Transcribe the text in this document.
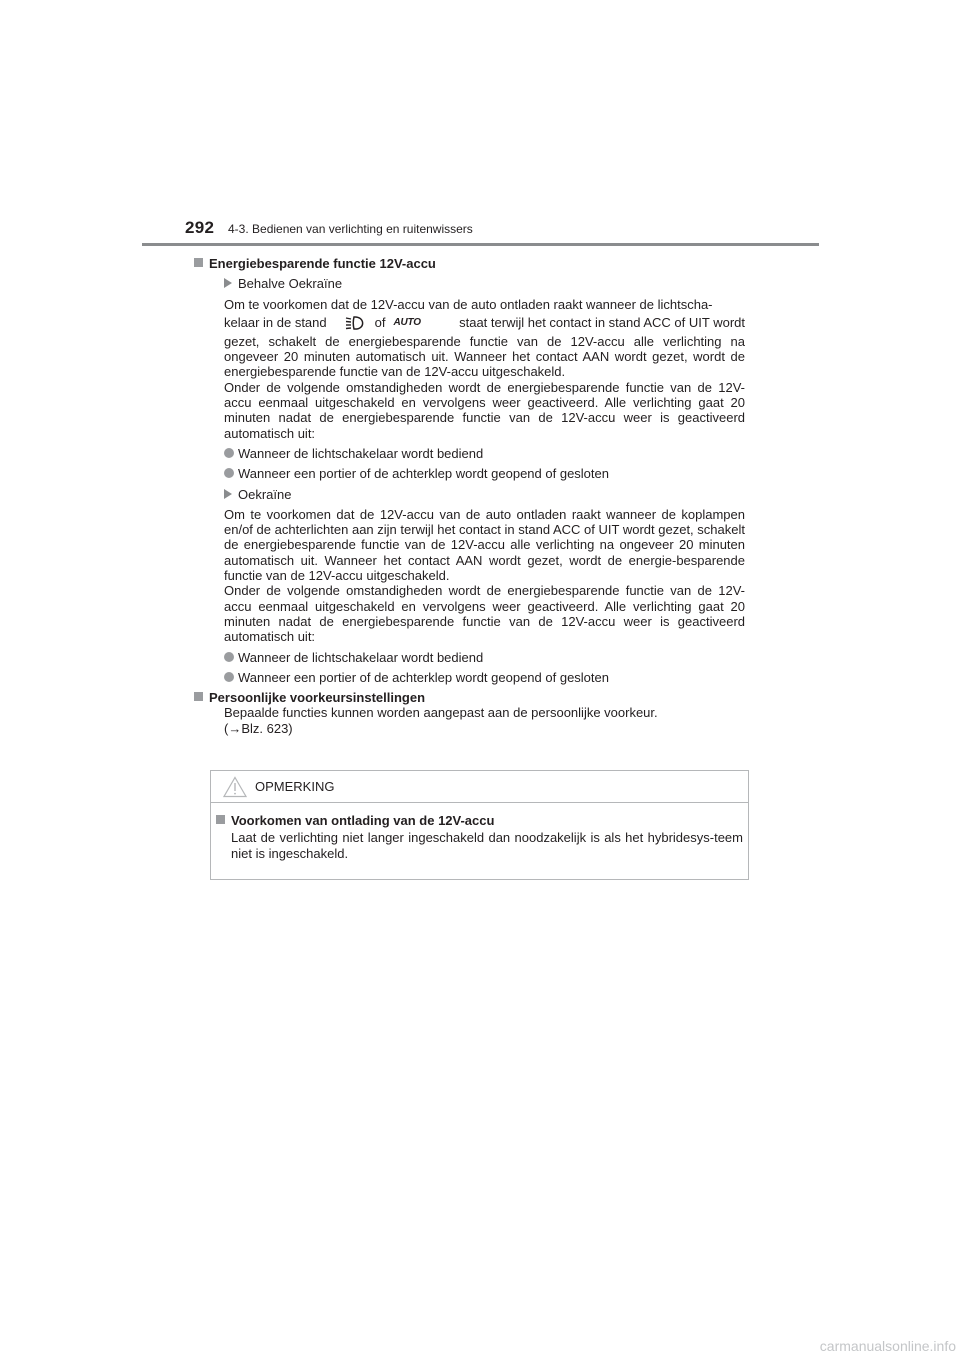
292 4-3. Bedienen van verlichting en ruitenwissers
Energiebesparende functie 12V-accu
Behalve Oekraïne
Om te voorkomen dat de 12V-accu van de auto ontladen raakt wanneer de lichtscha-
kelaar in de stand	of AUTO	staat terwijl het contact in stand ACC of UIT wordt
gezet, schakelt de energiebesparende functie van de 12V-accu alle verlichting na ongeveer 20 minuten automatisch uit. Wanneer het contact AAN wordt gezet, wordt de energiebesparende functie van de 12V-accu uitgeschakeld.
Onder de volgende omstandigheden wordt de energiebesparende functie van de 12V-accu eenmaal uitgeschakeld en vervolgens weer geactiveerd. Alle verlichting gaat 20 minuten nadat de energiebesparende functie van de 12V-accu weer is geactiveerd automatisch uit:
Wanneer de lichtschakelaar wordt bediend
Wanneer een portier of de achterklep wordt geopend of gesloten
Oekraïne
Om te voorkomen dat de 12V-accu van de auto ontladen raakt wanneer de koplampen en/of de achterlichten aan zijn terwijl het contact in stand ACC of UIT wordt gezet, schakelt de energiebesparende functie van de 12V-accu alle verlichting na ongeveer 20 minuten automatisch uit. Wanneer het contact AAN wordt gezet, wordt de energie-besparende functie van de 12V-accu uitgeschakeld.
Onder de volgende omstandigheden wordt de energiebesparende functie van de 12V-accu eenmaal uitgeschakeld en vervolgens weer geactiveerd. Alle verlichting gaat 20 minuten nadat de energiebesparende functie van de 12V-accu weer is geactiveerd automatisch uit:
Wanneer de lichtschakelaar wordt bediend
Wanneer een portier of de achterklep wordt geopend of gesloten
Persoonlijke voorkeursinstellingen
Bepaalde functies kunnen worden aangepast aan de persoonlijke voorkeur.
(→Blz. 623)
OPMERKING
Voorkomen van ontlading van de 12V-accu
Laat de verlichting niet langer ingeschakeld dan noodzakelijk is als het hybridesys-teem niet is ingeschakeld.
carmanualsonline.info
